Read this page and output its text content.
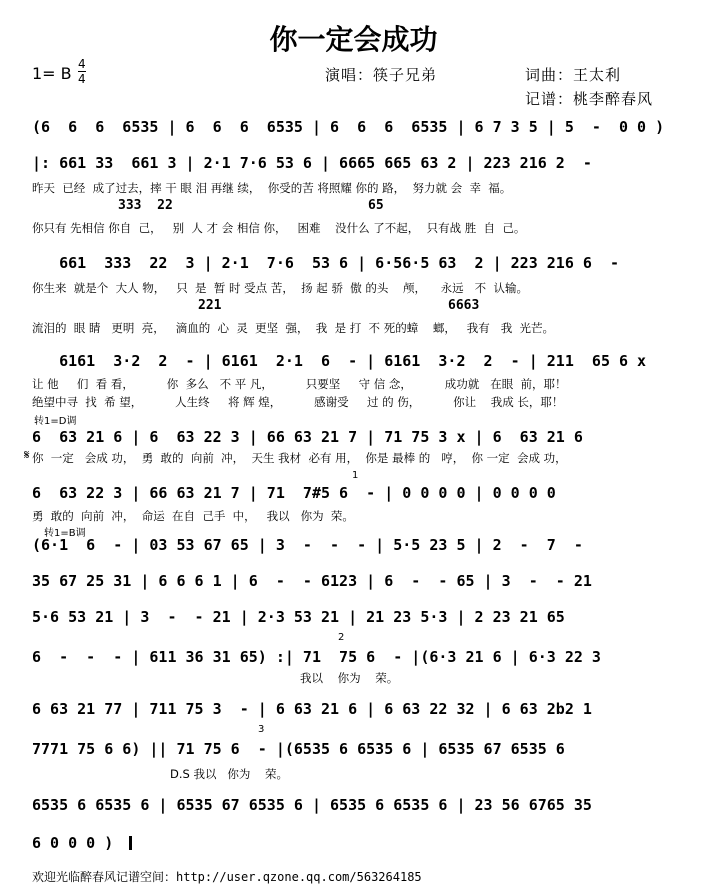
你一定会成功
1= B 4
4	演唱：筷子兄弟	词曲：王太利
记谱：桃李醉春风
(6  6  6  6535 | 6  6  6  6535 | 6  6  6  6535 | 6 7 3 5 | 5  -  0 0 )
|: 661 33  661 3 | 2·1 7·6 53 6 | 6665 665 63 2 | 223 216 2  -
昨天  已经  成了过去，摔 干 眼 泪 再继 续，  你受的苦 将照耀 你的 路，  努力就 会  幸  福。
333  22	65
你只有 先相信 你自  己，   别  人 才 会 相信 你，   困难    没什么 了不起，  只有战 胜  自  己。
661  333  22  3 | 2·1  7·6  53 6 | 6·56·5 63  2 | 223 216 6  -
你生来  就是个  大人 物，   只  是  暂 时 受点 苦，  扬 起 骄  傲 的头    颅，    永远   不  认输。
221	6663
流泪的  眼 睛   更明  亮，   滴血的  心  灵  更坚  强，  我  是 打  不 死的蟑    螂，   我有   我  光芒。
6161  3·2  2  - | 6161  2·1  6  - | 6161  3·2  2  - | 211  65 6 x
让 他     们  看 看，         你  多么   不 平 凡，         只要坚     守 信 念，         成功就   在眼  前，耶！
绝望中寻  找  希 望，         人生终     将 辉 煌，         感谢受     过 的 伤，         你让    我成 长，耶！
转1=D调
6  63 21 6 | 6  63 22 3 | 66 63 21 7 | 71 75 3 x | 6  63 21 6
𝄋 你  一定   会成 功，  勇  敢的  向前  冲，  天生 我材  必有 用，  你是 最棒 的   哼，  你 一定  会成 功，
6  63 22 3 | 66 63 21 7 | 71  7#5 6  - | 0 0 0 0 | 0 0 0 0
1
勇  敢的  向前  冲，  命运  在自  己手  中，   我以   你为  荣。
转1=B调
(6·1  6  - | 03 53 67 65 | 3  -  -  - | 5·5 23 5 | 2  -  7  -
35 67 25 31 | 6 6 6 1 | 6  -  - 6123 | 6  -  - 65 | 3  -  - 21
5·6 53 21 | 3  -  - 21 | 2·3 53 21 | 21 23 5·3 | 2 23 21 65
2
6  -  -  - | 611 36 31 65) :| 71  75 6  - |(6·3 21 6 | 6·3 22 3
我以    你为    荣。
6 63 21 77 | 711 75 3  - | 6 63 21 6 | 6 63 22 32 | 6 63 2b2 1
3
7771 75 6 6) || 71 75 6  - |(6535 6 6535 6 | 6535 67 6535 6
D.S 我以   你为    荣。
6535 6 6535 6 | 6535 67 6535 6 | 6535 6 6535 6 | 23 56 6765 35
6 0 0 0 )
欢迎光临醉春风记谱空间：http://user.qzone.qq.com/563264185
